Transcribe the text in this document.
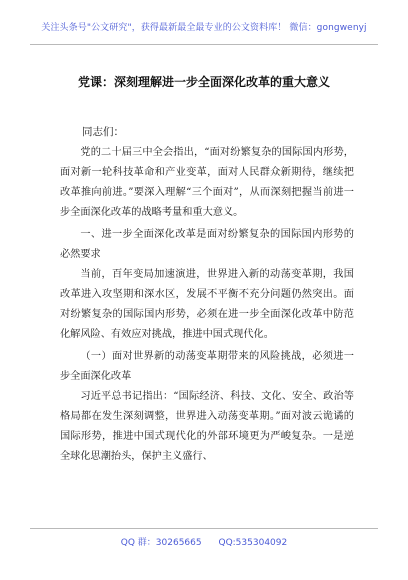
关注头条号"公文研究"，获得最新最全最专业的公文资料库！ 微信：gongwenyj
党课：深刻理解进一步全面深化改革的重大意义
同志们：

党的二十届三中全会指出，“面对纷繁复杂的国际国内形势，面对新一轮科技革命和产业变革，面对人民群众新期待，继续把改革推向前进。”要深入理解“三个面对”，从而深刻把握当前进一步全面深化改革的战略考量和重大意义。

一、进一步全面深化改革是面对纷繁复杂的国际国内形势的必然要求

当前，百年变局加速演进，世界进入新的动荡变革期，我国改革进入攻坚期和深水区，发展不平衡不充分问题仍然突出。面对纷繁复杂的国际国内形势，必须在进一步全面深化改革中防范化解风险、有效应对挑战，推进中国式现代化。

（一）面对世界新的动荡变革期带来的风险挑战，必须进一步全面深化改革

习近平总书记指出：“国际经济、科技、文化、安全、政治等格局都在发生深刻调整，世界进入动荡变革期。”面对波云诡谲的国际形势，推进中国式现代化的外部环境更为严峻复杂。一是逆全球化思潮抬头，保护主义盛行、

QQ 群：30265665 QQ:535304092
